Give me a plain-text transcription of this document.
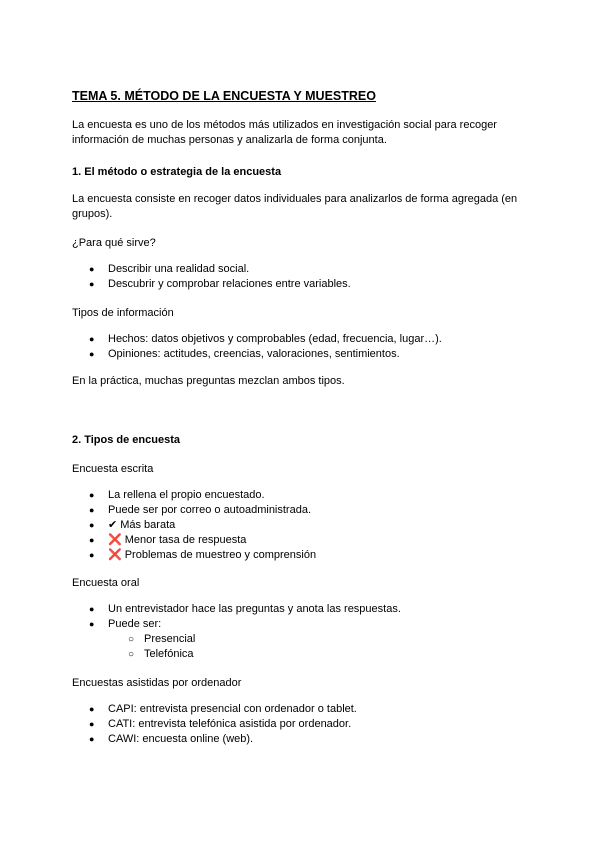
TEMA 5. MÉTODO DE LA ENCUESTA Y MUESTREO
La encuesta es uno de los métodos más utilizados en investigación social para recoger información de muchas personas y analizarla de forma conjunta.
1. El método o estrategia de la encuesta
La encuesta consiste en recoger datos individuales para analizarlos de forma agregada (en grupos).
¿Para qué sirve?
● Describir una realidad social.
● Descubrir y comprobar relaciones entre variables.
Tipos de información
● Hechos: datos objetivos y comprobables (edad, frecuencia, lugar…).
● Opiniones: actitudes, creencias, valoraciones, sentimientos.
En la práctica, muchas preguntas mezclan ambos tipos.
2. Tipos de encuesta
Encuesta escrita
● La rellena el propio encuestado.
● Puede ser por correo o autoadministrada.
● ✔ Más barata
● ❌ Menor tasa de respuesta
● ❌ Problemas de muestreo y comprensión
Encuesta oral
● Un entrevistador hace las preguntas y anota las respuestas.
● Puede ser:
○ Presencial
○ Telefónica
Encuestas asistidas por ordenador
● CAPI: entrevista presencial con ordenador o tablet.
● CATI: entrevista telefónica asistida por ordenador.
● CAWI: encuesta online (web).
